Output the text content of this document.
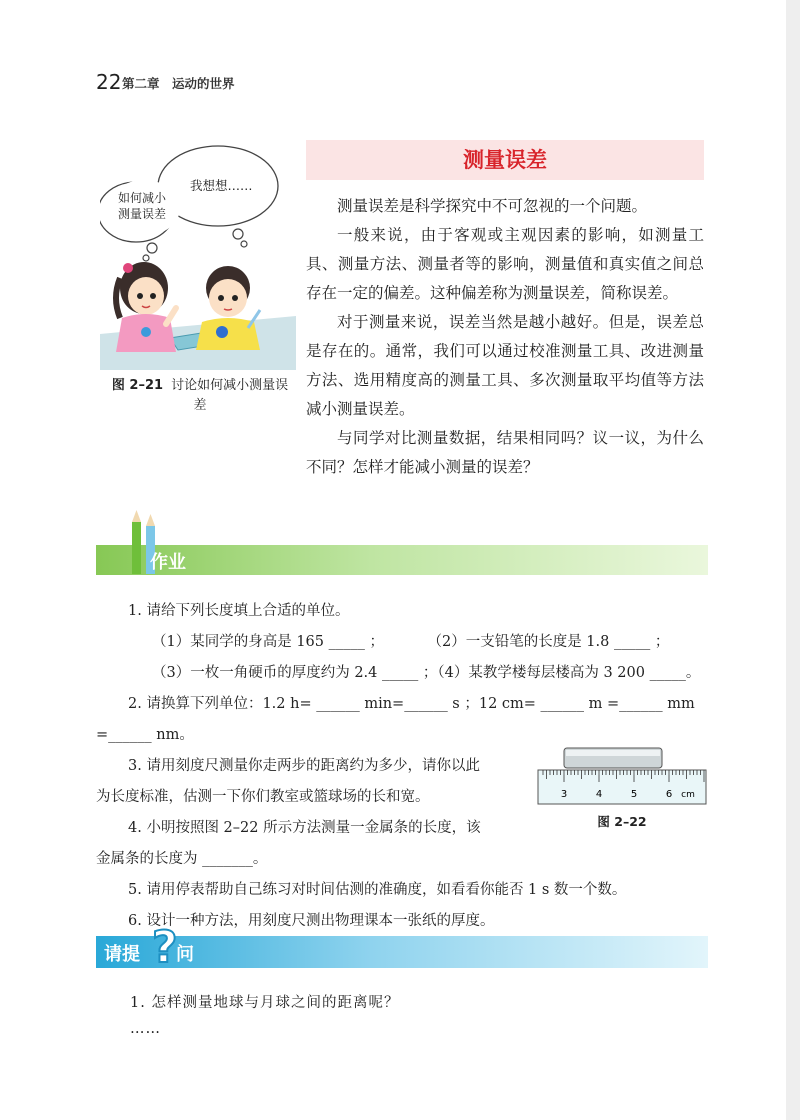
22 第二章　运动的世界
如何减小
测量误差
我想想……
图 2–21 讨论如何减小测量误差
测量误差

测量误差是科学探究中不可忽视的一个问题。

一般来说，由于客观或主观因素的影响，如测量工具、测量方法、测量者等的影响，测量值和真实值之间总存在一定的偏差。这种偏差称为测量误差，简称误差。

对于测量来说，误差当然是越小越好。但是，误差总是存在的。通常，我们可以通过校准测量工具、改进测量方法、选用精度高的测量工具、多次测量取平均值等方法减小测量误差。

与同学对比测量数据，结果相同吗？议一议，为什么不同？怎样才能减小测量的误差？

作业
1. 请给下列长度填上合适的单位。
（1）某同学的身高是 165 _____ ；　　　　（2）一支铅笔的长度是 1.8 _____ ；
（3）一枚一角硬币的厚度约为 2.4 _____ ；（4）某教学楼每层楼高为 3 200 _____。
2. 请换算下列单位：1.2 h= ______ min=______ s ；12 cm= ______ m =______ mm
=______ nm。
3. 请用刻度尺测量你走两步的距离约为多少，请你以此
为长度标准，估测一下你们教室或篮球场的长和宽。
4. 小明按照图 2–22 所示方法测量一金属条的长度，该
金属条的长度为 _______。
5. 请用停表帮助自己练习对时间估测的准确度，如看看你能否 1 s 数一个数。
6. 设计一种方法，用刻度尺测出物理课本一张纸的厚度。
3	4	5	6 cm
图 2–22
请提 ?
问
1. 怎样测量地球与月球之间的距离呢？
……
